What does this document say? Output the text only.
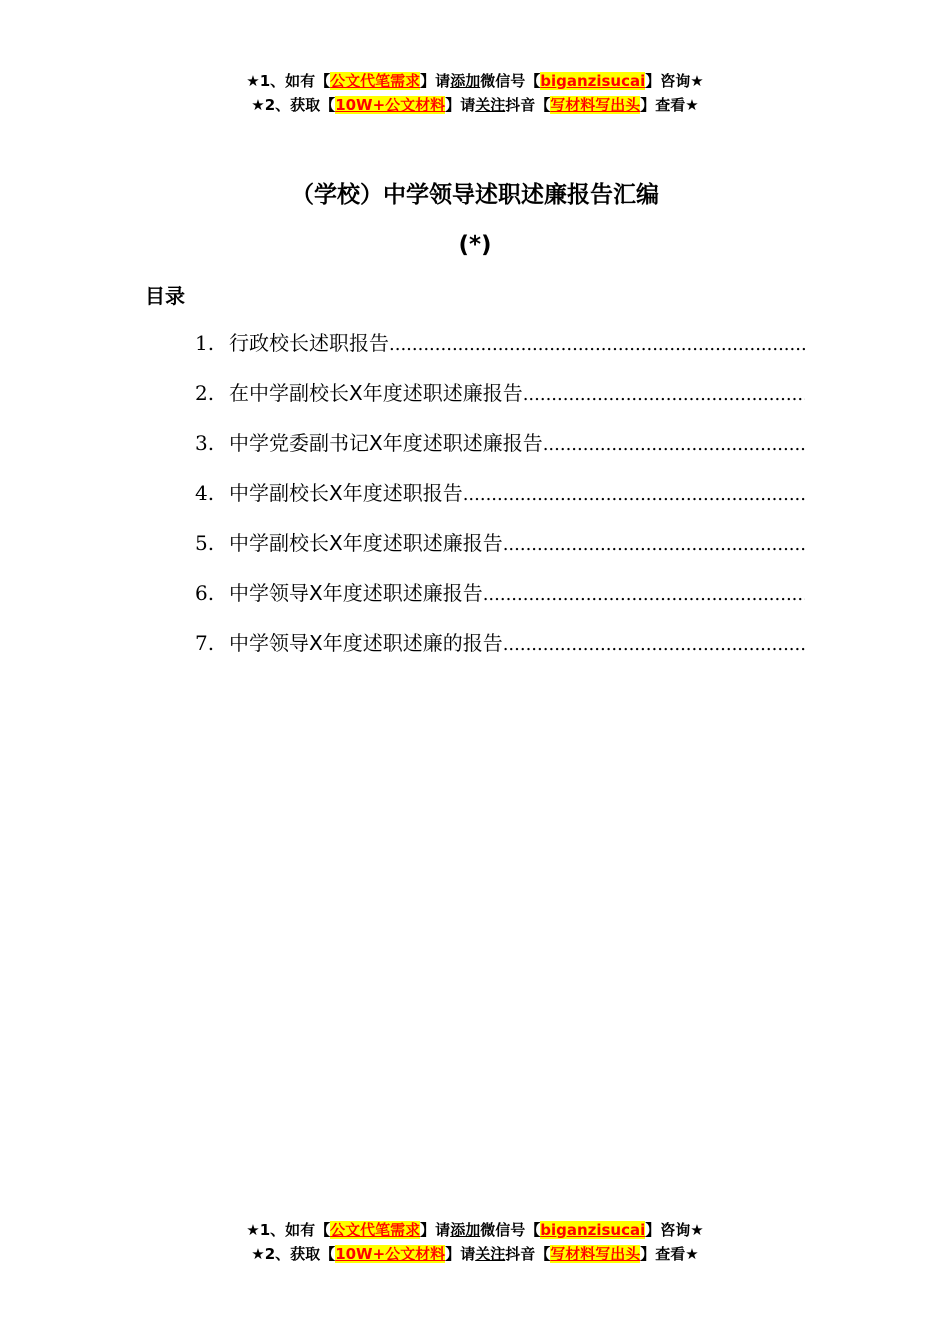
★1、如有【公文代笔需求】请添加微信号【biganzisucai】咨询★
★2、获取【10W+公文材料】请关注抖音【写材料写出头】查看★
（学校）中学领导述职述廉报告汇编
(*)
目录
1. 行政校长述职报告
.....
2. 在中学副校长X年度述职述廉报告
.....
3. 中学党委副书记X年度述职述廉报告
.....
4. 中学副校长X年度述职报告
.....
5. 中学副校长X年度述职述廉报告
.....
6. 中学领导X年度述职述廉报告
.....
7. 中学领导X年度述职述廉的报告
.....
★1、如有【公文代笔需求】请添加微信号【biganzisucai】咨询★
★2、获取【10W+公文材料】请关注抖音【写材料写出头】查看★
